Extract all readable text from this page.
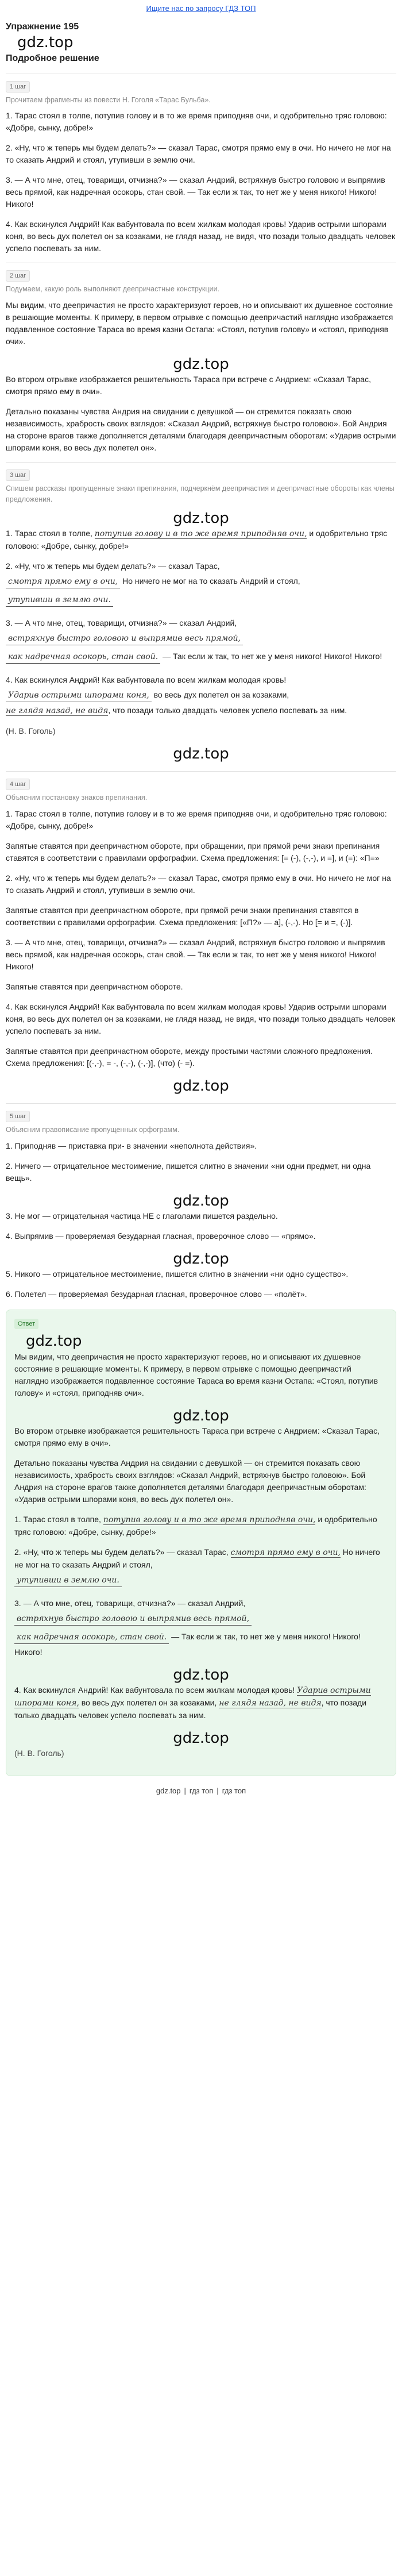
Ищите нас по запросу ГДЗ ТОП
Упражнение 195
gdz.top
Подробное решение
1 шаг
Прочитаем фрагменты из повести Н. Гоголя «Тарас Бульба».

1. Тарас стоял в толпе, потупив голову и в то же время приподняв очи, и одобрительно тряс головою: «Добре, сынку, добре!»

2. «Ну, что ж теперь мы будем делать?» — сказал Тарас, смотря прямо ему в очи. Но ничего не мог на то сказать Андрий и стоял, утупивши в землю очи.

3. — А что мне, отец, товарищи, отчизна?» — сказал Андрий, встряхнув быстро головою и выпрямив весь прямой, как надречная осокорь, стан свой. — Так если ж так, то нет же у меня никого! Никого! Никого!

4. Как вскинулся Андрий! Как вабунтовала по всем жилкам молодая кровь! Ударив острыми шпорами коня, во весь дух полетел он за козаками, не глядя назад, не видя, что позади только двадцать человек успело поспевать за ним.

2 шаг
Подумаем, какую роль выполняют деепричастные конструкции.

Мы видим, что деепричастия не просто характеризуют героев, но и описывают их душевное состояние в решающие моменты. К примеру, в первом отрывке с помощью деепричастий наглядно изображается подавленное состояние Тараса во время казни Остапа: «Стоял, потупив голову» и «стоял, приподняв очи».

gdz.top

Во втором отрывке изображается решительность Тараса при встрече с Андрием: «Сказал Тарас, смотря прямо ему в очи».

Детально показаны чувства Андрия на свидании с девушкой — он стремится показать свою независимость, храбрость своих взглядов: «Сказал Андрий, встряхнув быстро головою». Бой Андрия на стороне врагов также дополняется деталями благодаря деепричастным оборотам: «Ударив острыми шпорами коня, во весь дух полетел он».

3 шаг
Спишем рассказы пропущенные знаки препинания, подчеркнём деепричастия и деепричастные обороты как члены предложения.
gdz.top

1. Тарас стоял в толпе, потупив голову и в то же время приподняв очи, и одобрительно тряс головою: «Добре, сынку, добре!»

2. «Ну, что ж теперь мы будем делать?» — сказал Тарас,
смотря прямо ему в очи, Но ничего не мог на то сказать Андрий и стоял,
утупивши в землю очи.

3. — А что мне, отец, товарищи, отчизна?» — сказал Андрий,
встряхнув быстро головою и выпрямив весь прямой,
как надречная осокорь, стан свой. — Так если ж так, то нет же у меня никого! Никого! Никого!

4. Как вскинулся Андрий! Как вабунтовала по всем жилкам молодая кровь!
Ударив острыми шпорами коня, во весь дух полетел он за козаками,
не глядя назад, не видя, что позади только двадцать человек успело поспевать за ним.

(Н. В. Гоголь)

gdz.top
4 шаг
Объясним постановку знаков препинания.

1. Тарас стоял в толпе, потупив голову и в то же время приподняв очи, и одобрительно тряс головою: «Добре, сынку, добре!»

Запятые ставятся при деепричастном обороте, при обращении, при прямой речи знаки препинания ставятся в соответствии с правилами орфографии. Схема предложения: [= (-), (-,-), и =], и (=): «П=»

2. «Ну, что ж теперь мы будем делать?» — сказал Тарас, смотря прямо ему в очи. Но ничего не мог на то сказать Андрий и стоял, утупивши в землю очи.

Запятые ставятся при деепричастном обороте, при прямой речи знаки препинания ставятся в соответствии с правилами орфографии. Схема предложения: [«П?» — а], (-,-). Но [= и =, (-)].

3. — А что мне, отец, товарищи, отчизна?» — сказал Андрий, встряхнув быстро головою и выпрямив весь прямой, как надречная осокорь, стан свой. — Так если ж так, то нет же у меня никого! Никого! Никого!

Запятые ставятся при деепричастном обороте.

4. Как вскинулся Андрий! Как вабунтовала по всем жилкам молодая кровь! Ударив острыми шпорами коня, во весь дух полетел он за козаками, не глядя назад, не видя, что позади только двадцать человек успело поспевать за ним.

Запятые ставятся при деепричастном обороте, между простыми частями сложного предложения. Схема предложения: [(-,-), = -, (-,-), (-,-)], (что) (- =).

gdz.top
5 шаг
Объясним правописание пропущенных орфограмм.

1. Приподняв — приставка при- в значении «неполнота действия».

2. Ничего — отрицательное местоимение, пишется слитно в значении «ни одни предмет, ни одна вещь».

gdz.top

3. Не мог — отрицательная частица НЕ с глаголами пишется раздельно.

4. Выпрямив — проверяемая безударная гласная, проверочное слово — «прямо».

gdz.top

5. Никого — отрицательное местоимение, пишется слитно в значении «ни одно существо».

6. Полетел — проверяемая безударная гласная, проверочное слово — «полёт».

Ответ
gdz.top

Мы видим, что деепричастия не просто характеризуют героев, но и описывают их душевное состояние в решающие моменты. К примеру, в первом отрывке с помощью деепричастий наглядно изображается подавленное состояние Тараса во время казни Остапа: «Стоял, потупив голову» и «стоял, приподняв очи».

gdz.top

Во втором отрывке изображается решительность Тараса при встрече с Андрием: «Сказал Тарас, смотря прямо ему в очи».

Детально показаны чувства Андрия на свидании с девушкой — он стремится показать свою независимость, храбрость своих взглядов: «Сказал Андрий, встряхнув быстро головою». Бой Андрия на стороне врагов также дополняется деталями благодаря деепричастным оборотам: «Ударив острыми шпорами коня, во весь дух полетел он».

1. Тарас стоял в толпе, потупив голову и в то же время приподняв очи, и одобрительно тряс головою: «Добре, сынку, добре!»

2. «Ну, что ж теперь мы будем делать?» — сказал Тарас, смотря прямо ему в очи, Но ничего не мог на то сказать Андрий и стоял,
утупивши в землю очи.

3. — А что мне, отец, товарищи, отчизна?» — сказал Андрий,
встряхнув быстро головою и выпрямив весь прямой,
как надречная осокорь, стан свой. — Так если ж так, то нет же у меня никого! Никого! Никого!

gdz.top

4. Как вскинулся Андрий! Как вабунтовала по всем жилкам молодая кровь! Ударив острыми шпорами коня, во весь дух полетел он за козаками, не глядя назад, не видя, что позади только двадцать человек успело поспевать за ним.

gdz.top

(Н. В. Гоголь)

gdz.top | гдз топ | гдз топ
